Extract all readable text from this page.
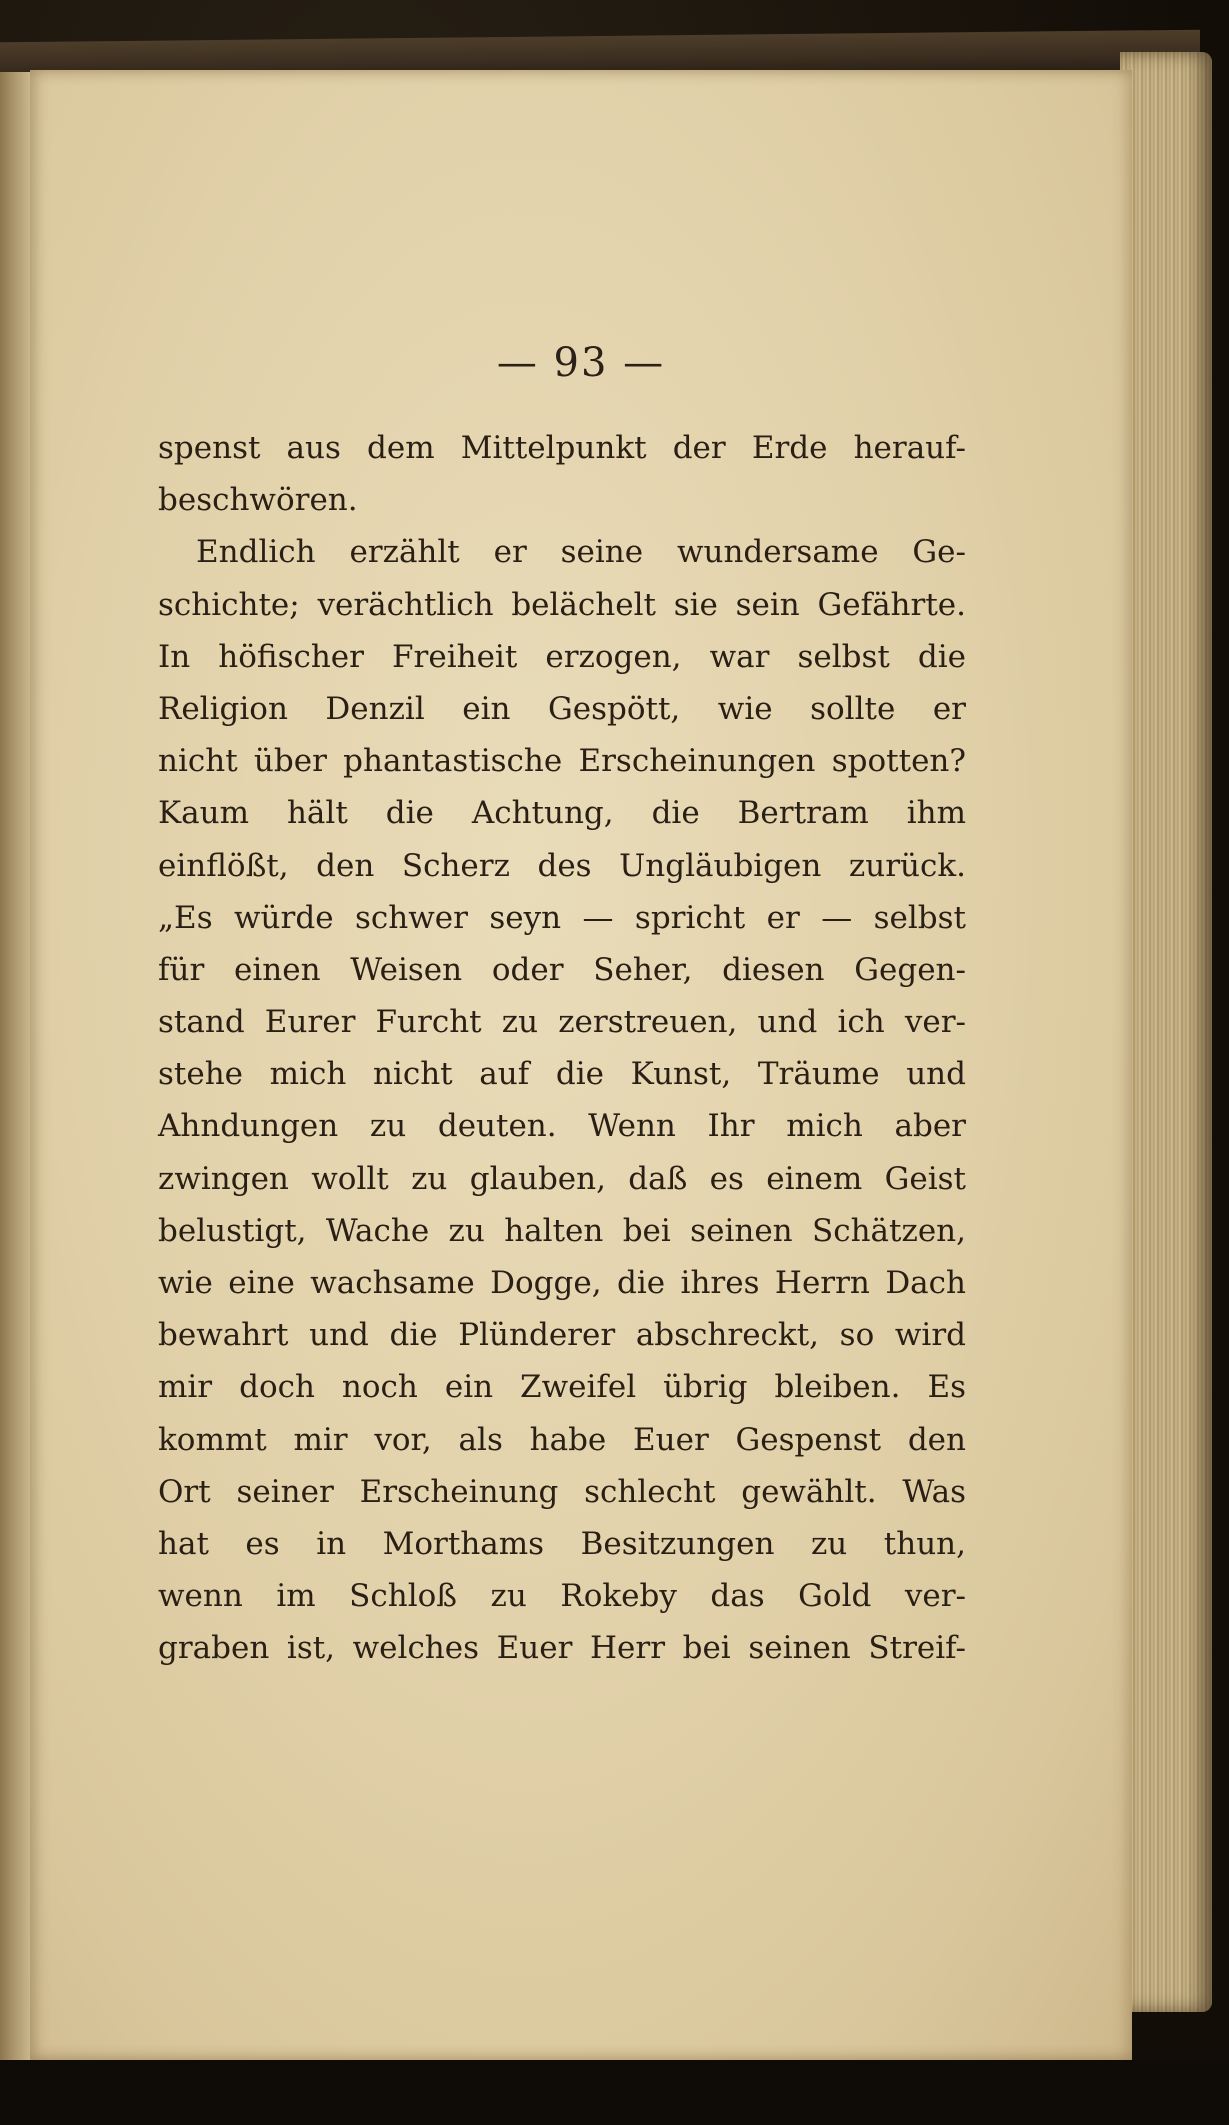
— 93 —
spenst aus dem Mittelpunkt der Erde herauf-
beschwören.
Endlich erzählt er seine wundersame Ge-
schichte; verächtlich belächelt sie sein Gefährte.
In höfischer Freiheit erzogen, war selbst die
Religion Denzil ein Gespött, wie sollte er
nicht über phantastische Erscheinungen spotten?
Kaum hält die Achtung, die Bertram ihm
einflößt, den Scherz des Ungläubigen zurück.
„Es würde schwer seyn — spricht er — selbst
für einen Weisen oder Seher, diesen Gegen-
stand Eurer Furcht zu zerstreuen, und ich ver-
stehe mich nicht auf die Kunst, Träume und
Ahndungen zu deuten. Wenn Ihr mich aber
zwingen wollt zu glauben, daß es einem Geist
belustigt, Wache zu halten bei seinen Schätzen,
wie eine wachsame Dogge, die ihres Herrn Dach
bewahrt und die Plünderer abschreckt, so wird
mir doch noch ein Zweifel übrig bleiben. Es
kommt mir vor, als habe Euer Gespenst den
Ort seiner Erscheinung schlecht gewählt. Was
hat es in Morthams Besitzungen zu thun,
wenn im Schloß zu Rokeby das Gold ver-
graben ist, welches Euer Herr bei seinen Streif-
